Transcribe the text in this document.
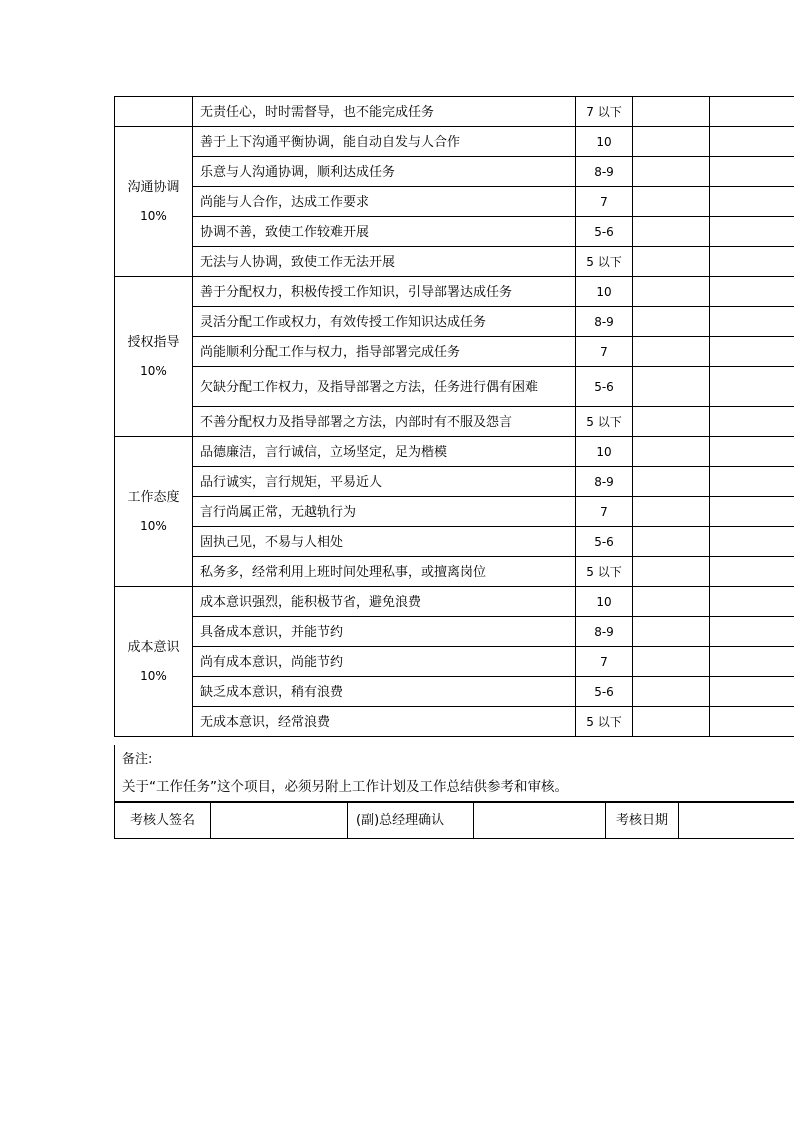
	无责任心，时时需督导，也不能完成任务	7 以下		

沟通协调
10%	善于上下沟通平衡协调，能自动自发与人合作	10		
	乐意与人沟通协调，顺利达成任务	8-9		
	尚能与人合作，达成工作要求	7		
	协调不善，致使工作较难开展	5-6		
	无法与人协调，致使工作无法开展	5 以下		

授权指导
10%	善于分配权力，积极传授工作知识，引导部署达成任务	10		
	灵活分配工作或权力，有效传授工作知识达成任务	8-9		
	尚能顺利分配工作与权力，指导部署完成任务	7		
	欠缺分配工作权力，及指导部署之方法，任务进行偶有困难	5-6		
	不善分配权力及指导部署之方法，内部时有不服及怨言	5 以下		

工作态度
10%	品德廉洁，言行诚信，立场坚定，足为楷模	10		
	品行诚实，言行规矩，平易近人	8-9		
	言行尚属正常，无越轨行为	7		
	固执己见，不易与人相处	5-6		
	私务多，经常利用上班时间处理私事，或擅离岗位	5 以下		

成本意识
10%	成本意识强烈，能积极节省，避免浪费	10		
	具备成本意识，并能节约	8-9		
	尚有成本意识，尚能节约	7		
	缺乏成本意识，稍有浪费	5-6		
	无成本意识，经常浪费	5 以下		
备注:
关于“工作任务”这个项目，必须另附上工作计划及工作总结供参考和审核。
考核人签名		(副)总经理确认		考核日期	
